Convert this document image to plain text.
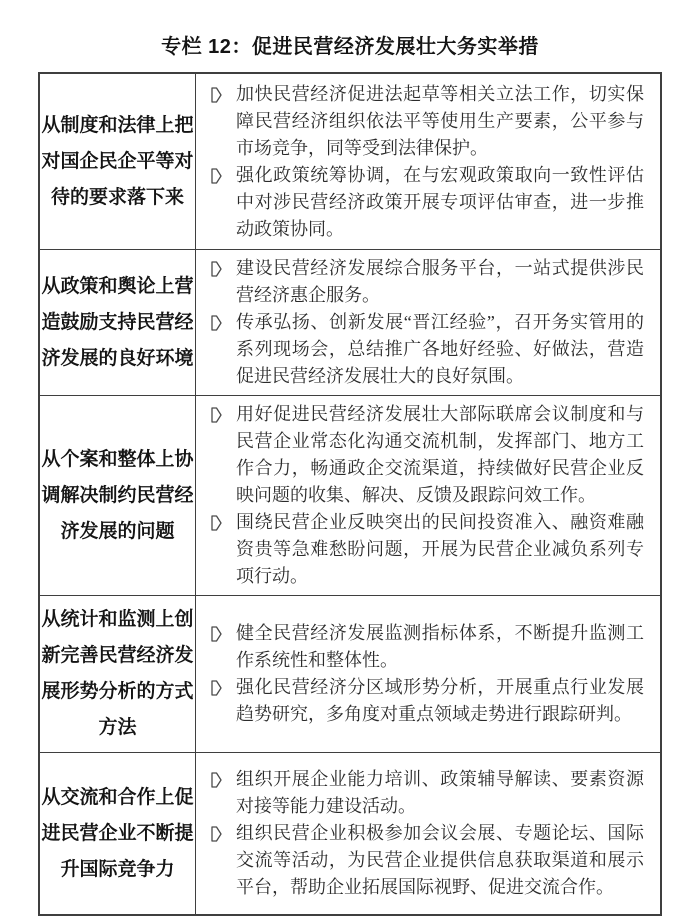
专栏 12：促进民营经济发展壮大务实举措
从制度和法律上把对国企民企平等对待的要求落下来
加快民营经济促进法起草等相关立法工作，切实保障民营经济组织依法平等使用生产要素，公平参与市场竞争，同等受到法律保护。
强化政策统筹协调，在与宏观政策取向一致性评估中对涉民营经济政策开展专项评估审查，进一步推动政策协同。
从政策和舆论上营造鼓励支持民营经济发展的良好环境
建设民营经济发展综合服务平台，一站式提供涉民营经济惠企服务。
传承弘扬、创新发展“晋江经验”，召开务实管用的系列现场会，总结推广各地好经验、好做法，营造促进民营经济发展壮大的良好氛围。
从个案和整体上协调解决制约民营经济发展的问题
用好促进民营经济发展壮大部际联席会议制度和与民营企业常态化沟通交流机制，发挥部门、地方工作合力，畅通政企交流渠道，持续做好民营企业反映问题的收集、解决、反馈及跟踪问效工作。
围绕民营企业反映突出的民间投资准入、融资难融资贵等急难愁盼问题，开展为民营企业减负系列专项行动。
从统计和监测上创新完善民营经济发展形势分析的方式方法
健全民营经济发展监测指标体系，不断提升监测工作系统性和整体性。
强化民营经济分区域形势分析，开展重点行业发展趋势研究，多角度对重点领域走势进行跟踪研判。
从交流和合作上促进民营企业不断提升国际竞争力
组织开展企业能力培训、政策辅导解读、要素资源对接等能力建设活动。
组织民营企业积极参加会议会展、专题论坛、国际交流等活动，为民营企业提供信息获取渠道和展示平台，帮助企业拓展国际视野、促进交流合作。
